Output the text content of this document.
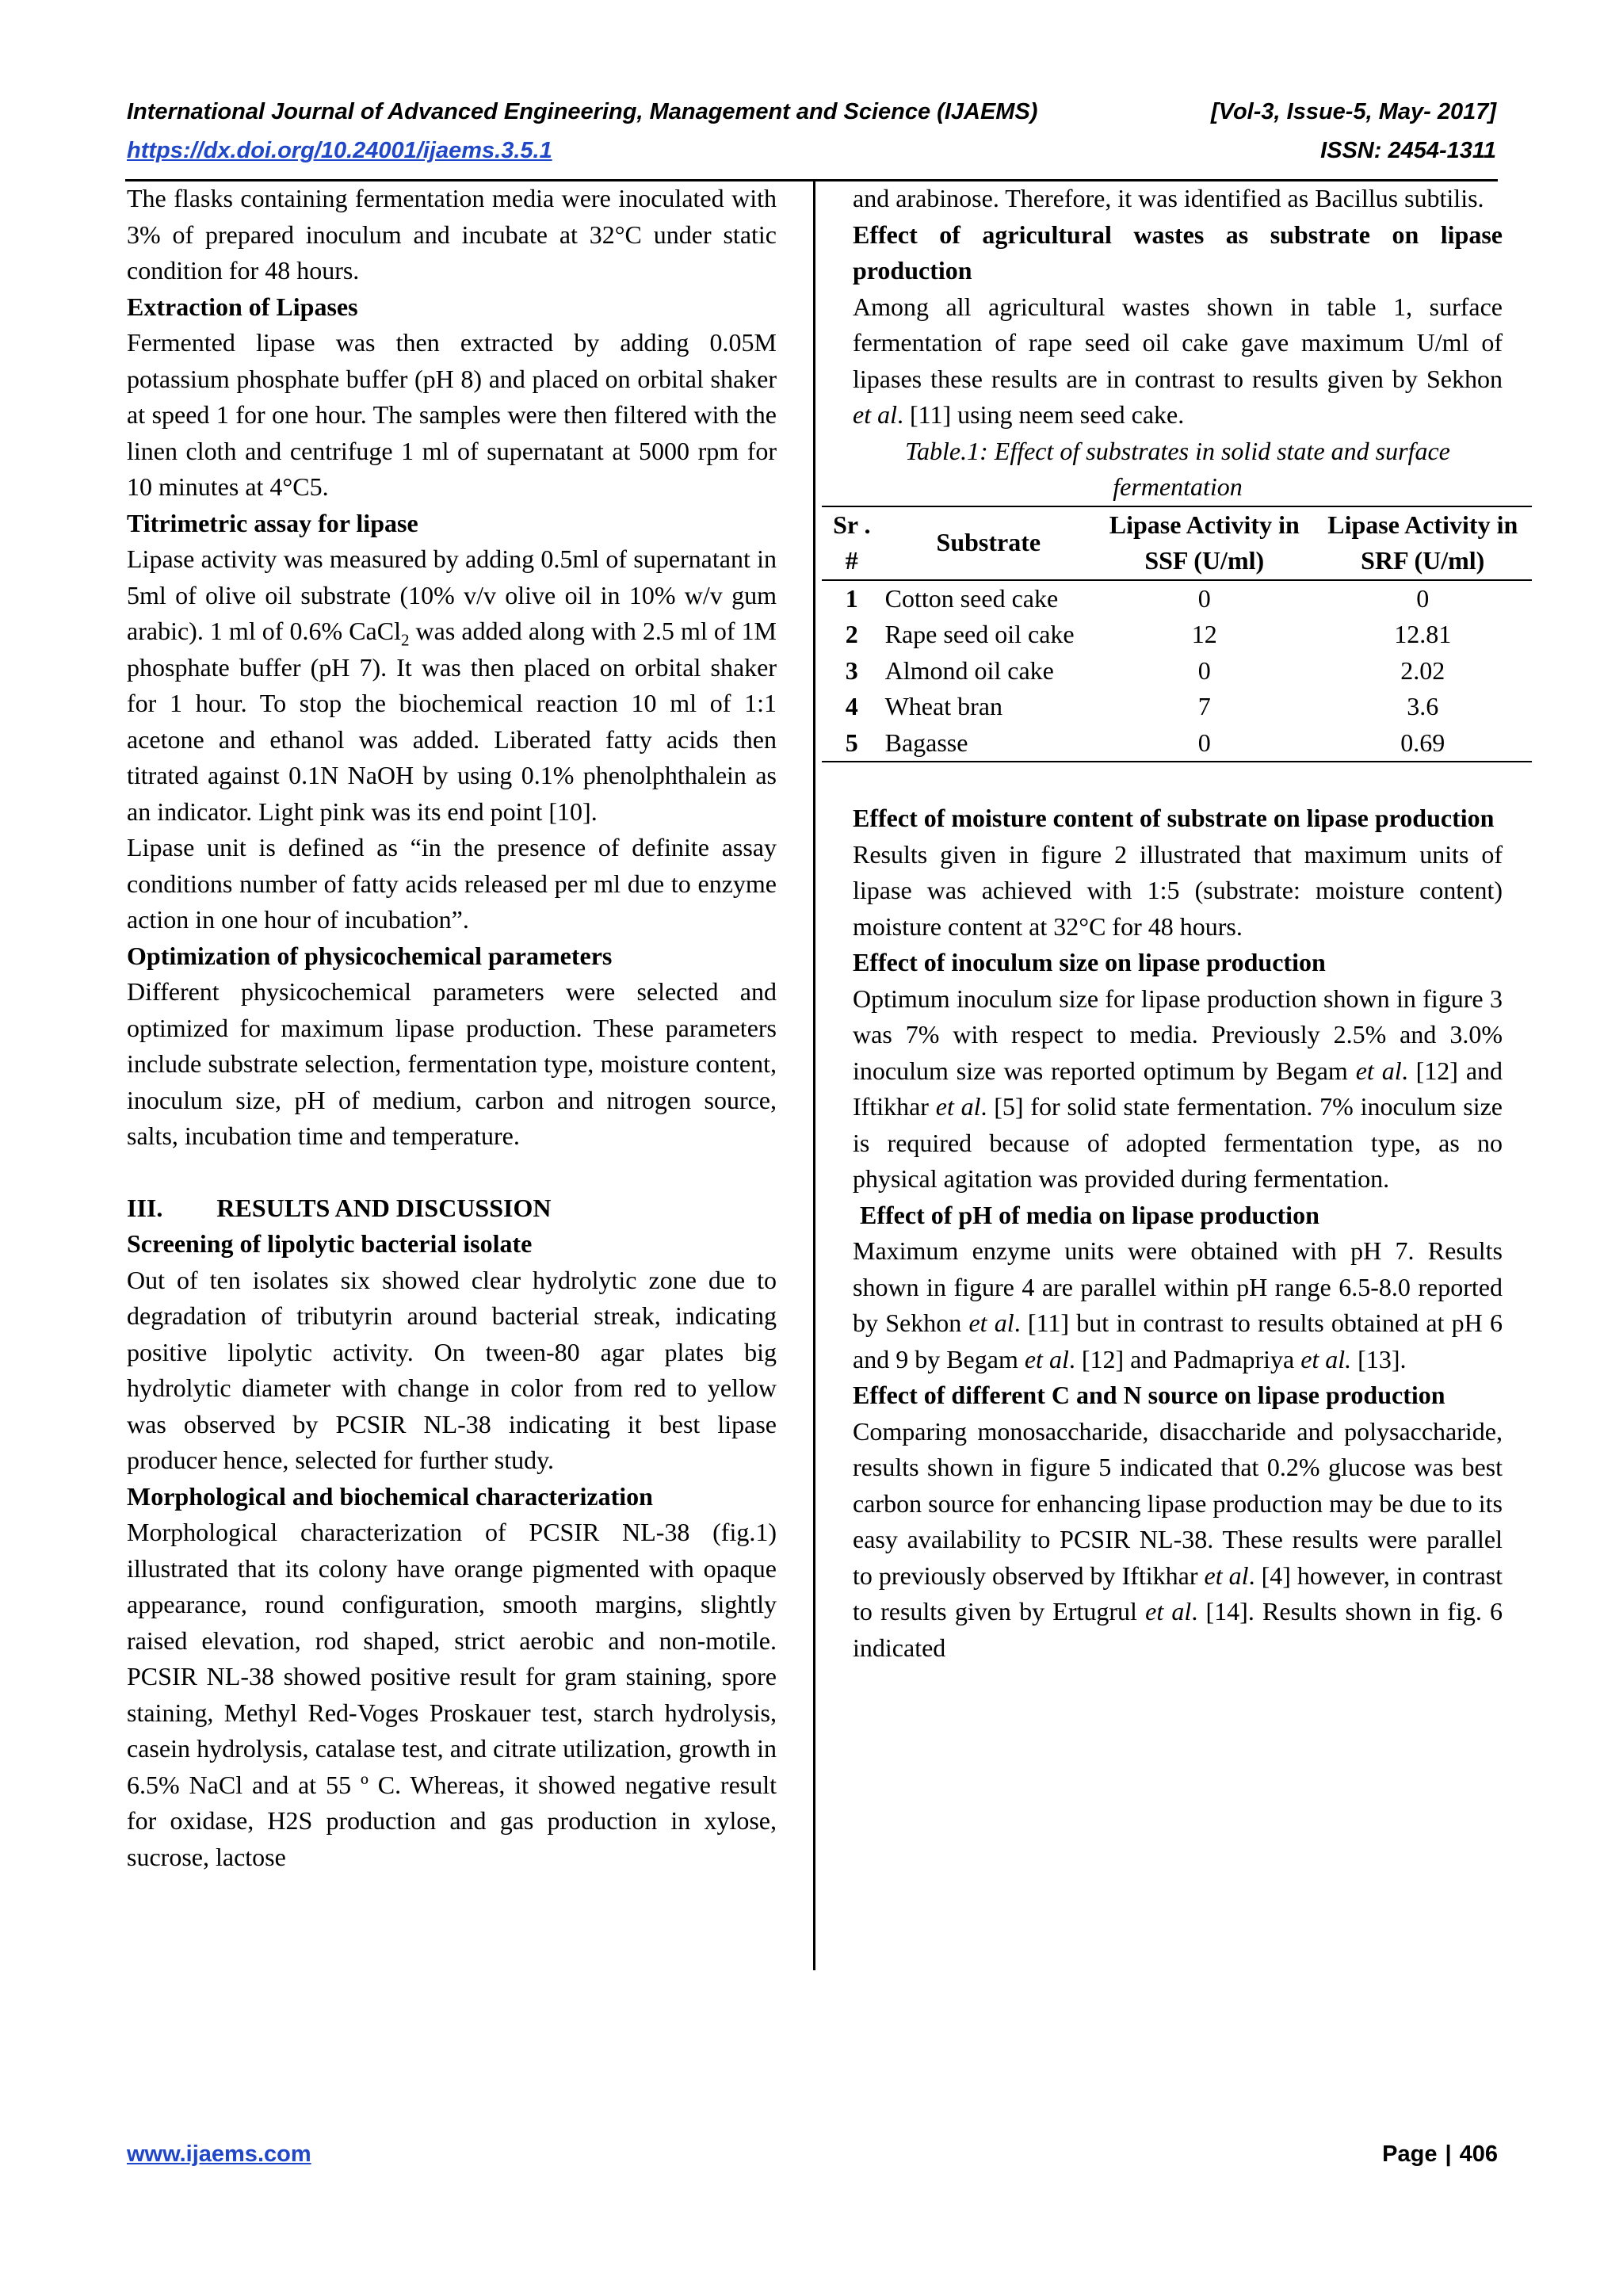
International Journal of Advanced Engineering, Management and Science (IJAEMS)	[Vol-3, Issue-5, May- 2017]
https://dx.doi.org/10.24001/ijaems.3.5.1	ISSN: 2454-1311

The flasks containing fermentation media were inoculated with 3% of prepared inoculum and incubate at 32°C under static condition for 48 hours.

Extraction of Lipases

Fermented lipase was then extracted by adding 0.05M potassium phosphate buffer (pH 8) and placed on orbital shaker at speed 1 for one hour. The samples were then filtered with the linen cloth and centrifuge 1 ml of supernatant at 5000 rpm for 10 minutes at 4°C5.

Titrimetric assay for lipase

Lipase activity was measured by adding 0.5ml of supernatant in 5ml of olive oil substrate (10% v/v olive oil in 10% w/v gum arabic). 1 ml of 0.6% CaCl$_2$ was added along with 2.5 ml of 1M phosphate buffer (pH 7). It was then placed on orbital shaker for 1 hour. To stop the biochemical reaction 10 ml of 1:1 acetone and ethanol was added. Liberated fatty acids then titrated against 0.1N NaOH by using 0.1% phenolphthalein as an indicator. Light pink was its end point [10].

Lipase unit is defined as “in the presence of definite assay conditions number of fatty acids released per ml due to enzyme action in one hour of incubation”.

Optimization of physicochemical parameters

Different physicochemical parameters were selected and optimized for maximum lipase production. These parameters include substrate selection, fermentation type, moisture content, inoculum size, pH of medium, carbon and nitrogen source, salts, incubation time and temperature.

III. RESULTS AND DISCUSSION

Screening of lipolytic bacterial isolate

Out of ten isolates six showed clear hydrolytic zone due to degradation of tributyrin around bacterial streak, indicating positive lipolytic activity. On tween-80 agar plates big hydrolytic diameter with change in color from red to yellow was observed by PCSIR NL-38 indicating it best lipase producer hence, selected for further study.

Morphological and biochemical characterization

Morphological characterization of PCSIR NL-38 (fig.1) illustrated that its colony have orange pigmented with opaque appearance, round configuration, smooth margins, slightly raised elevation, rod shaped, strict aerobic and non-motile. PCSIR NL-38 showed positive result for gram staining, spore staining, Methyl Red-Voges Proskauer test, starch hydrolysis, casein hydrolysis, catalase test, and citrate utilization, growth in 6.5% NaCl and at 55 º C. Whereas, it showed negative result for oxidase, H2S production and gas production in xylose, sucrose, lactose

and arabinose. Therefore, it was identified as Bacillus subtilis.

Effect of agricultural wastes as substrate on lipase production

Among all agricultural wastes shown in table 1, surface fermentation of rape seed oil cake gave maximum U/ml of lipases these results are in contrast to results given by Sekhon et al. [11] using neem seed cake.

Table.1: Effect of substrates in solid state and surface fermentation

Sr . #	Substrate	Lipase Activity in SSF (U/ml)	Lipase Activity in SRF (U/ml)
1	Cotton seed cake	0	0
2	Rape seed oil cake	12	12.81
3	Almond oil cake	0	2.02
4	Wheat bran	7	3.6
5	Bagasse	0	0.69

Effect of moisture content of substrate on lipase production

Results given in figure 2 illustrated that maximum units of lipase was achieved with 1:5 (substrate: moisture content) moisture content at 32°C for 48 hours.

Effect of inoculum size on lipase production

Optimum inoculum size for lipase production shown in figure 3 was 7% with respect to media. Previously 2.5% and 3.0% inoculum size was reported optimum by Begam et al. [12] and Iftikhar et al. [5] for solid state fermentation. 7% inoculum size is required because of adopted fermentation type, as no physical agitation was provided during fermentation.

Effect of pH of media on lipase production

Maximum enzyme units were obtained with pH 7. Results shown in figure 4 are parallel within pH range 6.5-8.0 reported by Sekhon et al. [11] but in contrast to results obtained at pH 6 and 9 by Begam et al. [12] and Padmapriya et al. [13].

Effect of different C and N source on lipase production

Comparing monosaccharide, disaccharide and polysaccharide, results shown in figure 5 indicated that 0.2% glucose was best carbon source for enhancing lipase production may be due to its easy availability to PCSIR NL-38. These results were parallel to previously observed by Iftikhar et al. [4] however, in contrast to results given by Ertugrul et al. [14]. Results shown in fig. 6 indicated

www.ijaems.com	Page | 406
